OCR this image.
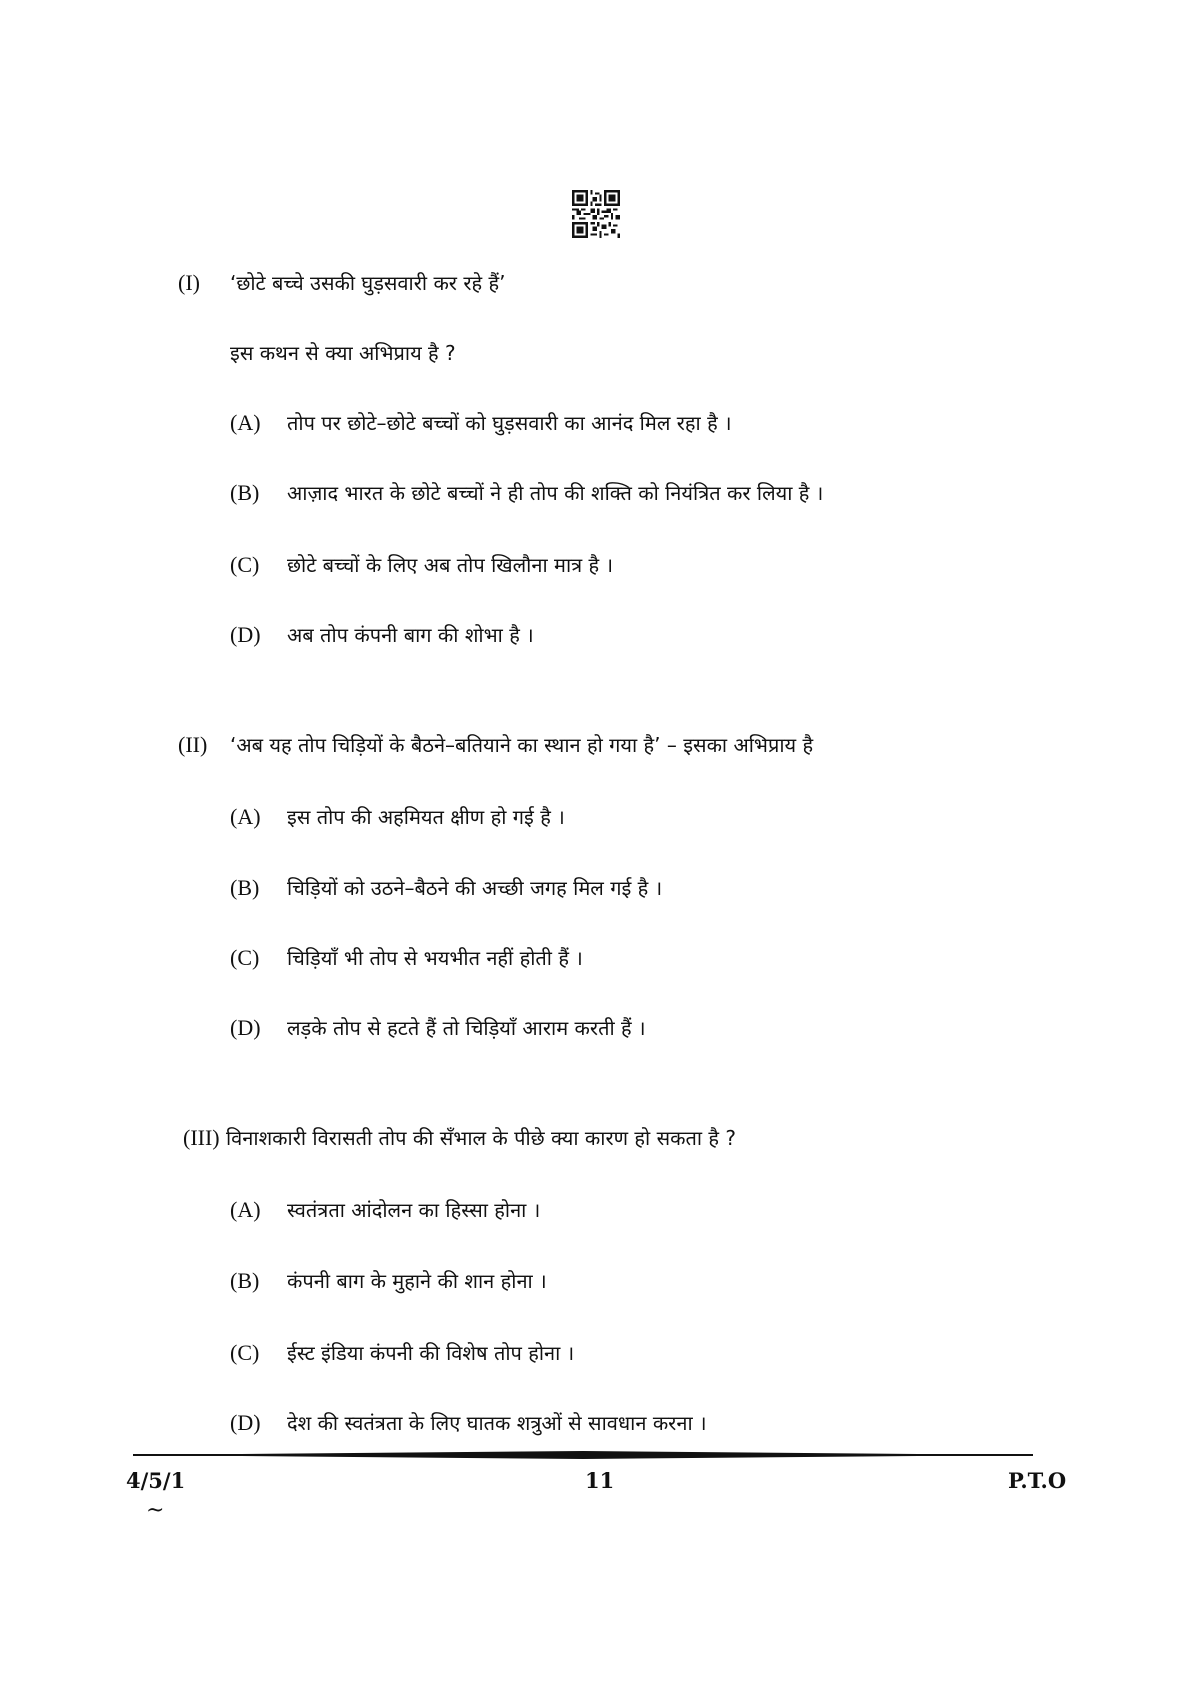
(I) ‘छोटे बच्चे उसकी घुड़सवारी कर रहे हैं’
इस कथन से क्या अभिप्राय है ?
(A) तोप पर छोटे–छोटे बच्चों को घुड़सवारी का आनंद मिल रहा है ।
(B) आज़ाद भारत के छोटे बच्चों ने ही तोप की शक्ति को नियंत्रित कर लिया है ।
(C) छोटे बच्चों के लिए अब तोप खिलौना मात्र है ।
(D) अब तोप कंपनी बाग की शोभा है ।
(II) ‘अब यह तोप चिड़ियों के बैठने–बतियाने का स्थान हो गया है’ – इसका अभिप्राय है
(A) इस तोप की अहमियत क्षीण हो गई है ।
(B) चिड़ियों को उठने–बैठने की अच्छी जगह मिल गई है ।
(C) चिड़ियाँ भी तोप से भयभीत नहीं होती हैं ।
(D) लड़के तोप से हटते हैं तो चिड़ियाँ आराम करती हैं ।
(III) विनाशकारी विरासती तोप की सँभाल के पीछे क्या कारण हो सकता है ?
(A) स्वतंत्रता आंदोलन का हिस्सा होना ।
(B) कंपनी बाग के मुहाने की शान होना ।
(C) ईस्ट इंडिया कंपनी की विशेष तोप होना ।
(D) देश की स्वतंत्रता के लिए घातक शत्रुओं से सावधान करना ।
4/5/1	11	P.T.O
~
